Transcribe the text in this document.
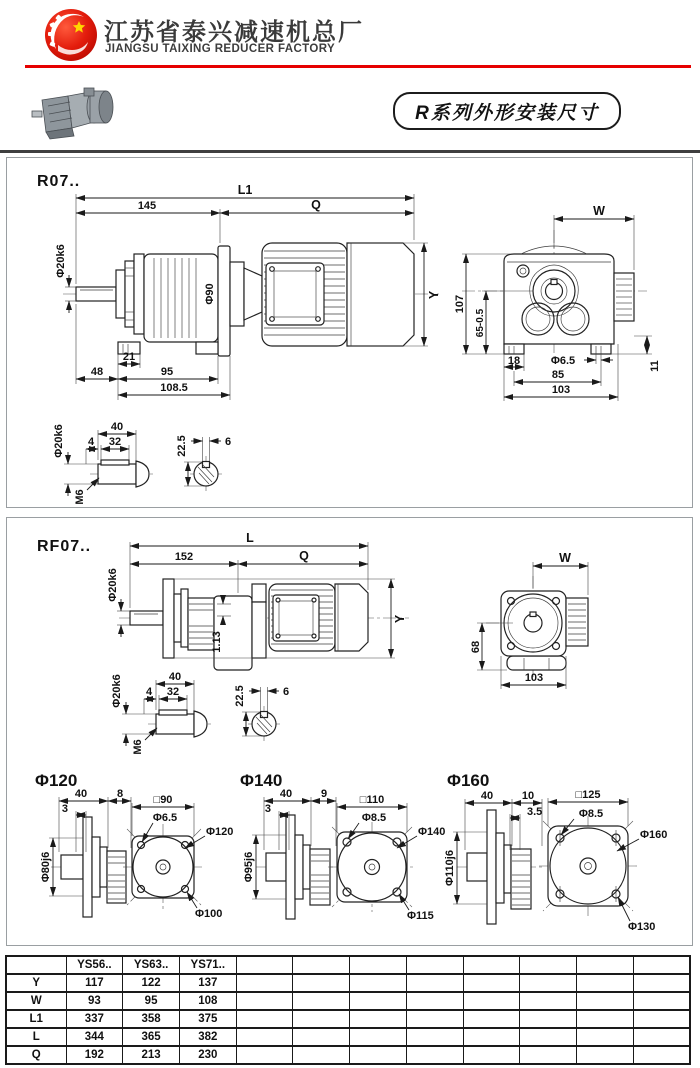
江苏省泰兴减速机总厂
JIANGSU TAIXING REDUCER FACTORY
R系列外形安装尺寸
R07..
Φ90
L1
145	Q
Φ20k6
Y
21
48	95
108.5
W
107
65-0.5
18	Φ6.5
85
103
11
Φ20k6	40
4 32
M6
22.5	6
RF07..	L
152	Q
Φ20k6
1.13
Y
W
68
103
Φ20k6	40
4 32
M6
22.5	6
Φ120
40	8
3
Φ80j6
□90
Φ6.5
Φ120
Φ100
Φ140
40	9
3
Φ95j6
□110
Φ8.5
Φ140
Φ115
Φ160
40	10
3.5
Φ110j6
□125
Φ8.5
Φ160
Φ130
	YS56..	YS63..	YS71..								
Y	117	122	137								
W	93	95	108								
L1	337	358	375								
L	344	365	382								
Q	192	213	230								
